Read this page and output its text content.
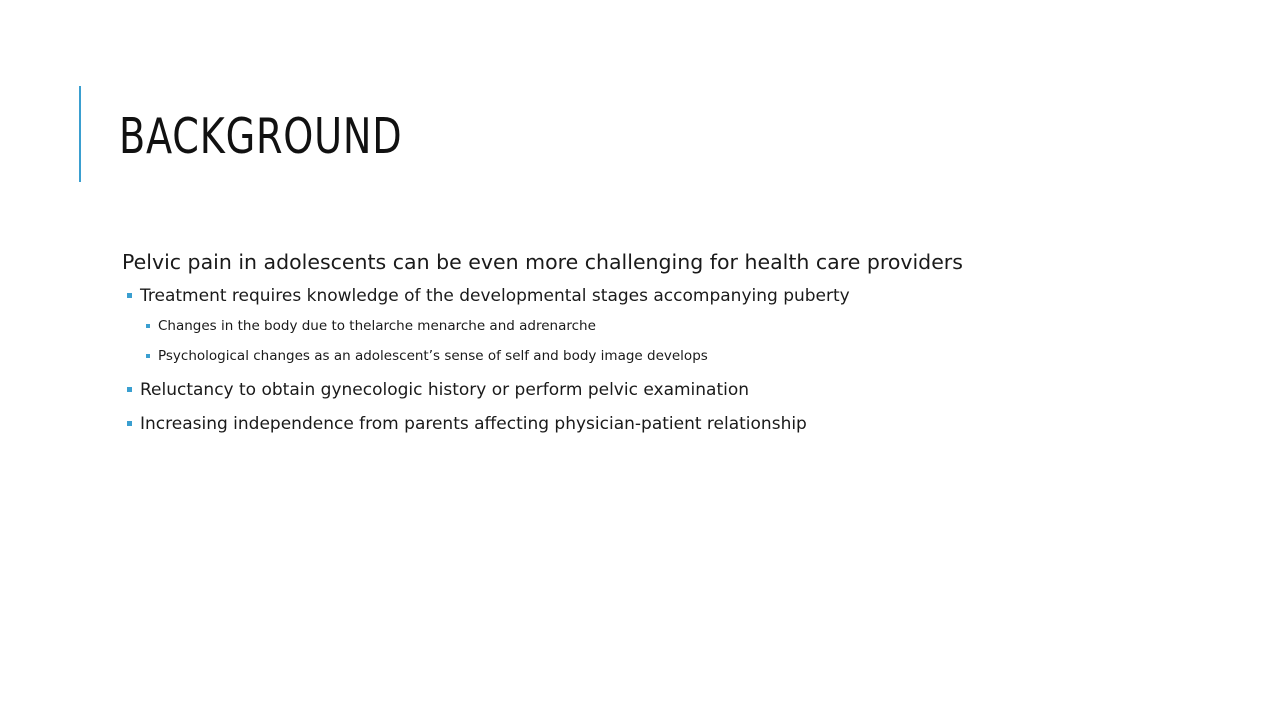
BACKGROUND
Pelvic pain in adolescents can be even more challenging for health care providers
Treatment requires knowledge of the developmental stages accompanying puberty
Changes in the body due to thelarche menarche and adrenarche
Psychological changes as an adolescent’s sense of self and body image develops
Reluctancy to obtain gynecologic history or perform pelvic examination
Increasing independence from parents affecting physician-patient relationship
